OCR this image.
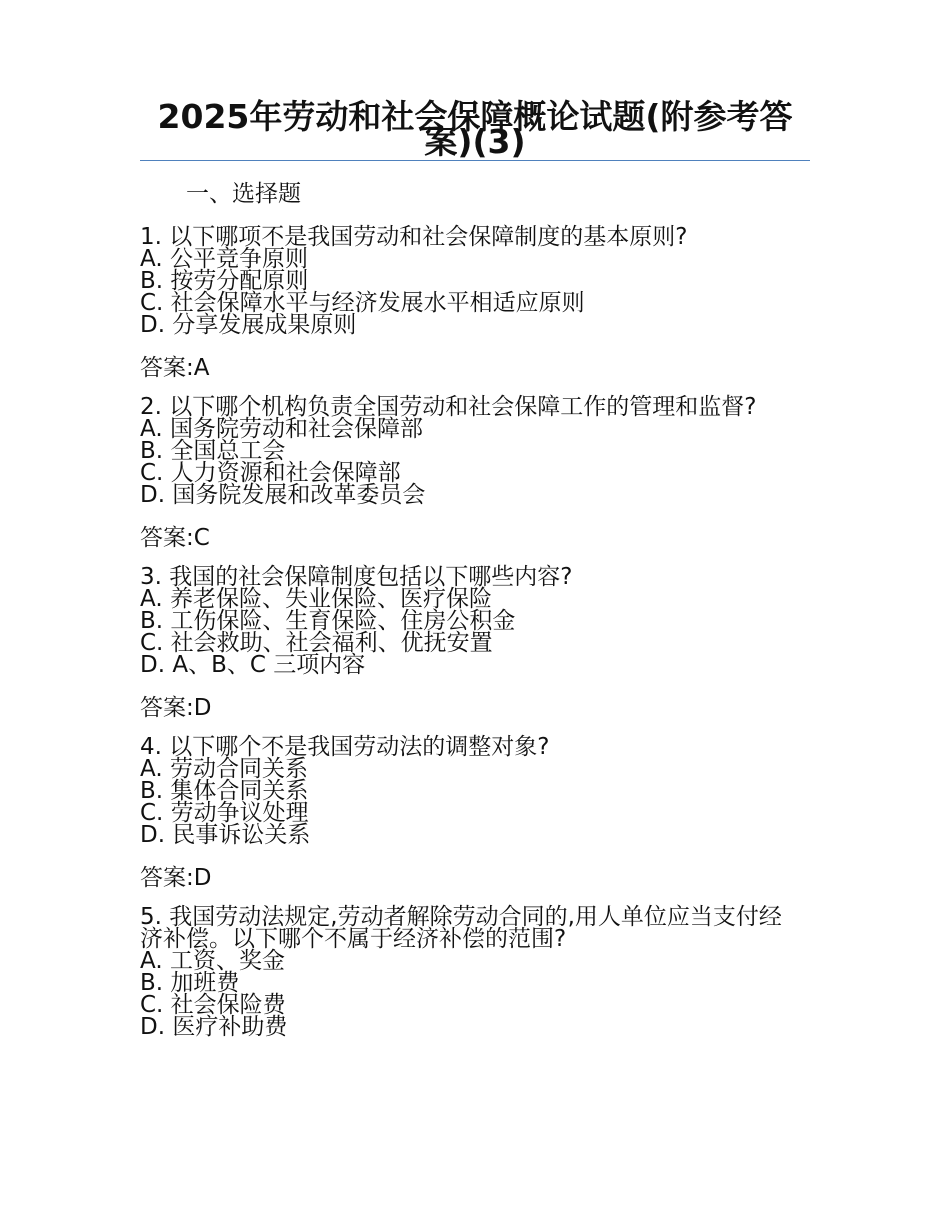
2025年劳动和社会保障概论试题(附参考答案)(3)
一、选择题

1. 以下哪项不是我国劳动和社会保障制度的基本原则?

A. 公平竞争原则

B. 按劳分配原则

C. 社会保障水平与经济发展水平相适应原则

D. 分享发展成果原则

答案:A

2. 以下哪个机构负责全国劳动和社会保障工作的管理和监督?

A. 国务院劳动和社会保障部

B. 全国总工会

C. 人力资源和社会保障部

D. 国务院发展和改革委员会

答案:C

3. 我国的社会保障制度包括以下哪些内容?

A. 养老保险、失业保险、医疗保险

B. 工伤保险、生育保险、住房公积金

C. 社会救助、社会福利、优抚安置

D. A、B、C 三项内容

答案:D

4. 以下哪个不是我国劳动法的调整对象?

A. 劳动合同关系

B. 集体合同关系

C. 劳动争议处理

D. 民事诉讼关系

答案:D

5. 我国劳动法规定,劳动者解除劳动合同的,用人单位应当支付经济补偿。以下哪个不属于经济补偿的范围?

A. 工资、奖金

B. 加班费

C. 社会保险费

D. 医疗补助费
